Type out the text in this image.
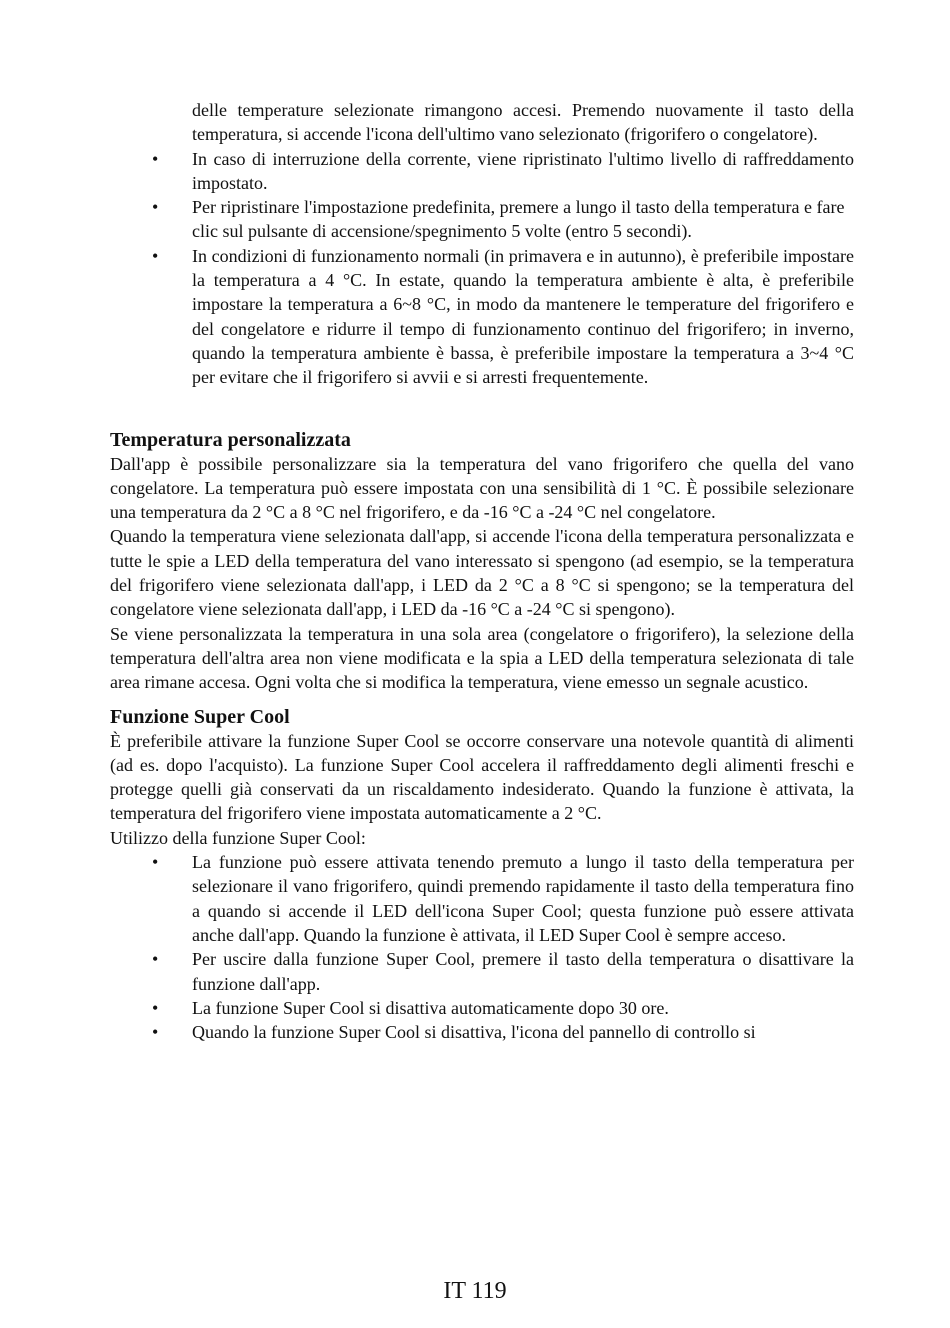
delle temperature selezionate rimangono accesi. Premendo nuovamente il tasto della temperatura, si accende l'icona dell'ultimo vano selezionato (frigorifero o congelatore).

• In caso di interruzione della corrente, viene ripristinato l'ultimo livello di raffreddamento impostato.
• Per ripristinare l'impostazione predefinita, premere a lungo il tasto della temperatura e fare clic sul pulsante di accensione/spegnimento 5 volte (entro 5 secondi).
• In condizioni di funzionamento normali (in primavera e in autunno), è preferibile impostare la temperatura a 4 °C. In estate, quando la temperatura ambiente è alta, è preferibile impostare la temperatura a 6~8 °C, in modo da mantenere le temperature del frigorifero e del congelatore e ridurre il tempo di funzionamento continuo del frigorifero; in inverno, quando la temperatura ambiente è bassa, è preferibile impostare la temperatura a 3~4 °C per evitare che il frigorifero si avvii e si arresti frequentemente.
Temperatura personalizzata

Dall'app è possibile personalizzare sia la temperatura del vano frigorifero che quella del vano congelatore. La temperatura può essere impostata con una sensibilità di 1 °C. È possibile selezionare una temperatura da 2 °C a 8 °C nel frigorifero, e da -16 °C a -24 °C nel congelatore.

Quando la temperatura viene selezionata dall'app, si accende l'icona della temperatura personalizzata e tutte le spie a LED della temperatura del vano interessato si spengono (ad esempio, se la temperatura del frigorifero viene selezionata dall'app, i LED da 2 °C a 8 °C si spengono; se la temperatura del congelatore viene selezionata dall'app, i LED da -16 °C a -24 °C si spengono).

Se viene personalizzata la temperatura in una sola area (congelatore o frigorifero), la selezione della temperatura dell'altra area non viene modificata e la spia a LED della temperatura selezionata di tale area rimane accesa. Ogni volta che si modifica la temperatura, viene emesso un segnale acustico.

Funzione Super Cool

È preferibile attivare la funzione Super Cool se occorre conservare una notevole quantità di alimenti (ad es. dopo l'acquisto). La funzione Super Cool accelera il raffreddamento degli alimenti freschi e protegge quelli già conservati da un riscaldamento indesiderato. Quando la funzione è attivata, la temperatura del frigorifero viene impostata automaticamente a 2 °C.

Utilizzo della funzione Super Cool:

• La funzione può essere attivata tenendo premuto a lungo il tasto della temperatura per selezionare il vano frigorifero, quindi premendo rapidamente il tasto della temperatura fino a quando si accende il LED dell'icona Super Cool; questa funzione può essere attivata anche dall'app. Quando la funzione è attivata, il LED Super Cool è sempre acceso.
• Per uscire dalla funzione Super Cool, premere il tasto della temperatura o disattivare la funzione dall'app.
• La funzione Super Cool si disattiva automaticamente dopo 30 ore.
• Quando la funzione Super Cool si disattiva, l'icona del pannello di controllo si
IT 119
